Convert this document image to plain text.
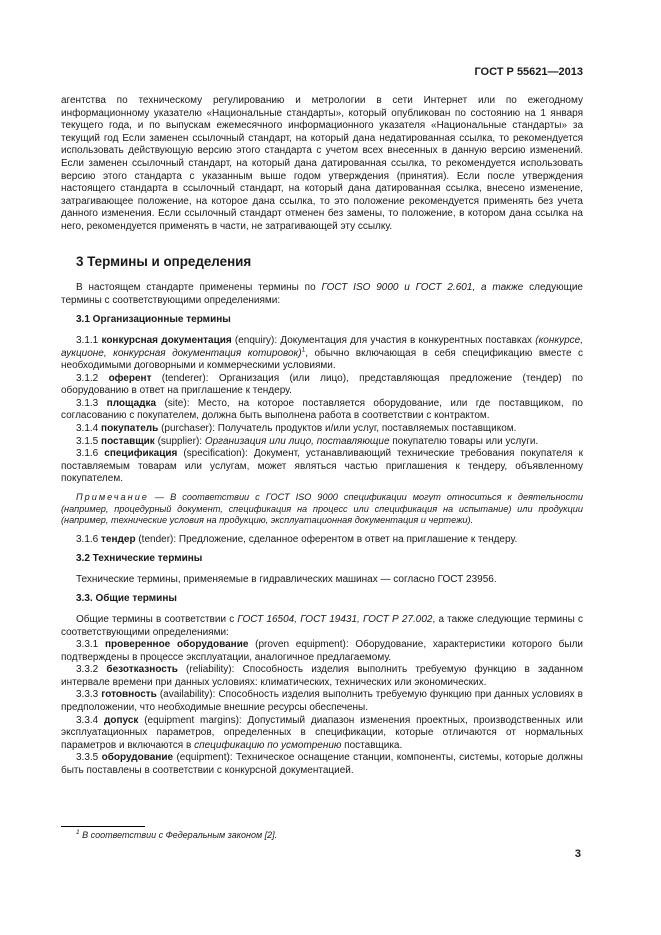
ГОСТ Р 55621—2013

агентства по техническому регулированию и метрологии в сети Интернет или по ежегодному информационному указателю «Национальные стандарты», который опубликован по состоянию на 1 января текущего года, и по выпускам ежемесячного информационного указателя «Национальные стандарты» за текущий год Если заменен ссылочный стандарт, на который дана недатированная ссылка, то рекомендуется использовать действующую версию этого стандарта с учетом всех внесенных в данную версию изменений. Если заменен ссылочный стандарт, на который дана датированная ссылка, то рекомендуется использовать версию этого стандарта с указанным выше годом утверждения (принятия). Если после утверждения настоящего стандарта в ссылочный стандарт, на который дана датированная ссылка, внесено изменение, затрагивающее положение, на которое дана ссылка, то это положение рекомендуется применять без учета данного изменения. Если ссылочный стандарт отменен без замены, то положение, в котором дана ссылка на него, рекомендуется применять в части, не затрагивающей эту ссылку.

3 Термины и определения

В настоящем стандарте применены термины по ГОСТ ISO 9000 и ГОСТ 2.601, а также следующие термины с соответствующими определениями:

3.1 Организационные термины

3.1.1 конкурсная документация (enquiry): Документация для участия в конкурентных поставках (конкурсе, аукционе, конкурсная документация котировок)$^1$, обычно включающая в себя спецификацию вместе с необходимыми договорными и коммерческими условиями.

3.1.2 оферент (tenderer): Организация (или лицо), представляющая предложение (тендер) по оборудованию в ответ на приглашение к тендеру.

3.1.3 площадка (site): Место, на которое поставляется оборудование, или где поставщиком, по согласованию с покупателем, должна быть выполнена работа в соответствии с контрактом.

3.1.4 покупатель (purchaser): Получатель продуктов и/или услуг, поставляемых поставщиком.

3.1.5 поставщик (supplier): Организация или лицо, поставляющие покупателю товары или услуги.

3.1.6 спецификация (specification): Документ, устанавливающий технические требования покупателя к поставляемым товарам или услугам, может являться частью приглашения к тендеру, объявленному покупателем.

Примечание — В соответствии с ГОСТ ISO 9000 спецификации могут относиться к деятельности (например, процедурный документ, спецификация на процесс или спецификация на испытание) или продукции (например, технические условия на продукцию, эксплуатационная документация и чертежи).

3.1.6 тендер (tender): Предложение, сделанное оферентом в ответ на приглашение к тендеру.

3.2 Технические термины

Технические термины, применяемые в гидравлических машинах — согласно ГОСТ 23956.

3.3. Общие термины

Общие термины в соответствии с ГОСТ 16504, ГОСТ 19431, ГОСТ Р 27.002, а также следующие термины с соответствующими определениями:

3.3.1 проверенное оборудование (proven equipment): Оборудование, характеристики которого были подтверждены в процессе эксплуатации, аналогичное предлагаемому.

3.3.2 безотказность (reliability): Способность изделия выполнить требуемую функцию в заданном интервале времени при данных условиях: климатических, технических или экономических.

3.3.3 готовность (availability): Способность изделия выполнить требуемую функцию при данных условиях в предположении, что необходимые внешние ресурсы обеспечены.

3.3.4 допуск (equipment margins): Допустимый диапазон изменения проектных, производственных или эксплуатационных параметров, определенных в спецификации, которые отличаются от нормальных параметров и включаются в спецификацию по усмотрению поставщика.

3.3.5 оборудование (equipment): Техническое оснащение станции, компоненты, системы, которые должны быть поставлены в соответствии с конкурсной документацией.

$^1$ В соответствии с Федеральным законом [2].
3
